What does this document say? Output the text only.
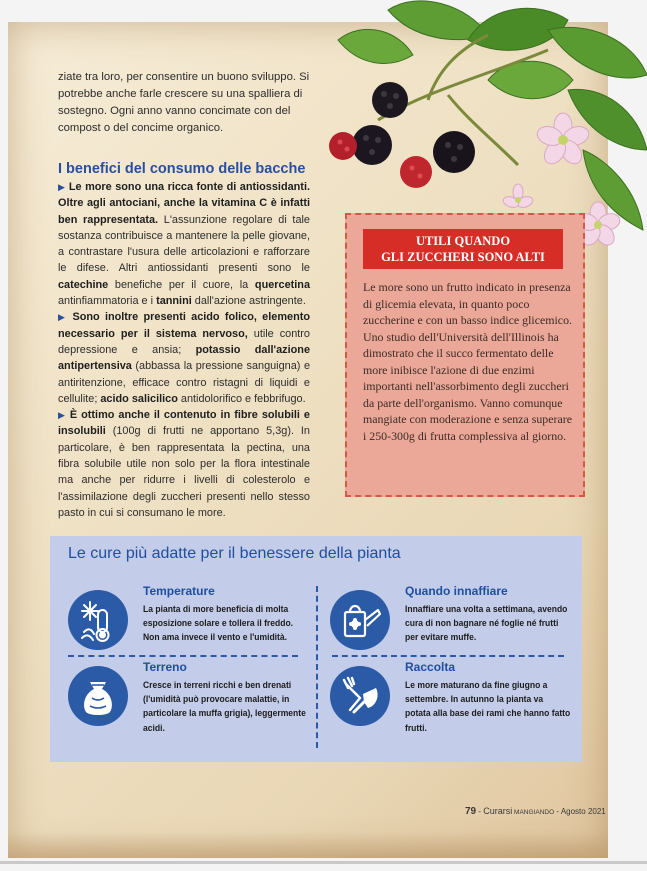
ziate tra loro, per consentire un buono sviluppo. Si potrebbe anche farle crescere su una spalliera di sostegno. Ogni anno vanno concimate con del compost o del concime organico.

I benefici del consumo delle bacche

▶ Le more sono una ricca fonte di antiossidanti. Oltre agli antociani, anche la vitamina C è infatti ben rappresentata. L'assunzione regolare di tale sostanza contribuisce a mantenere la pelle giovane, a contrastare l'usura delle articolazioni e rafforzare le difese. Altri antiossidanti presenti sono le catechine benefiche per il cuore, la quercetina antinfiammatoria e i tannini dall'azione astringente.
▶ Sono inoltre presenti acido folico, elemento necessario per il sistema nervoso, utile contro depressione e ansia; potassio dall'azione antipertensiva (abbassa la pressione sanguigna) e antiritenzione, efficace contro ristagni di liquidi e cellulite; acido salicilico antidolorifico e febbrifugo.
▶ È ottimo anche il contenuto in fibre solubili e insolubili (100g di frutti ne apportano 5,3g). In particolare, è ben rappresentata la pectina, una fibra solubile utile non solo per la flora intestinale ma anche per ridurre i livelli di colesterolo e l'assimilazione degli zuccheri presenti nello stesso pasto in cui si consumano le more.

UTILI QUANDO
GLI ZUCCHERI SONO ALTI

Le more sono un frutto indicato in presenza di glicemia elevata, in quanto poco zuccherine e con un basso indice glicemico. Uno studio dell'Università dell'Illinois ha dimostrato che il succo fermentato delle more inibisce l'azione di due enzimi importanti nell'assorbimento degli zuccheri da parte dell'organismo. Vanno comunque mangiate con moderazione e senza superare i 250-300g di frutta complessiva al giorno.

Le cure più adatte per il benessere della pianta
Temperature

La pianta di more beneficia di molta esposizione solare e tollera il freddo. Non ama invece il vento e l'umidità.

Quando innaffiare

Innaffiare una volta a settimana, avendo cura di non bagnare né foglie né frutti per evitare muffe.

Terreno

Cresce in terreni ricchi e ben drenati (l'umidità può provocare malattie, in particolare la muffa grigia), leggermente acidi.

Raccolta

Le more maturano da fine giugno a settembre. In autunno la pianta va potata alla base dei rami che hanno fatto frutti.

79 - Curarsi MANGIANDO - Agosto 2021
